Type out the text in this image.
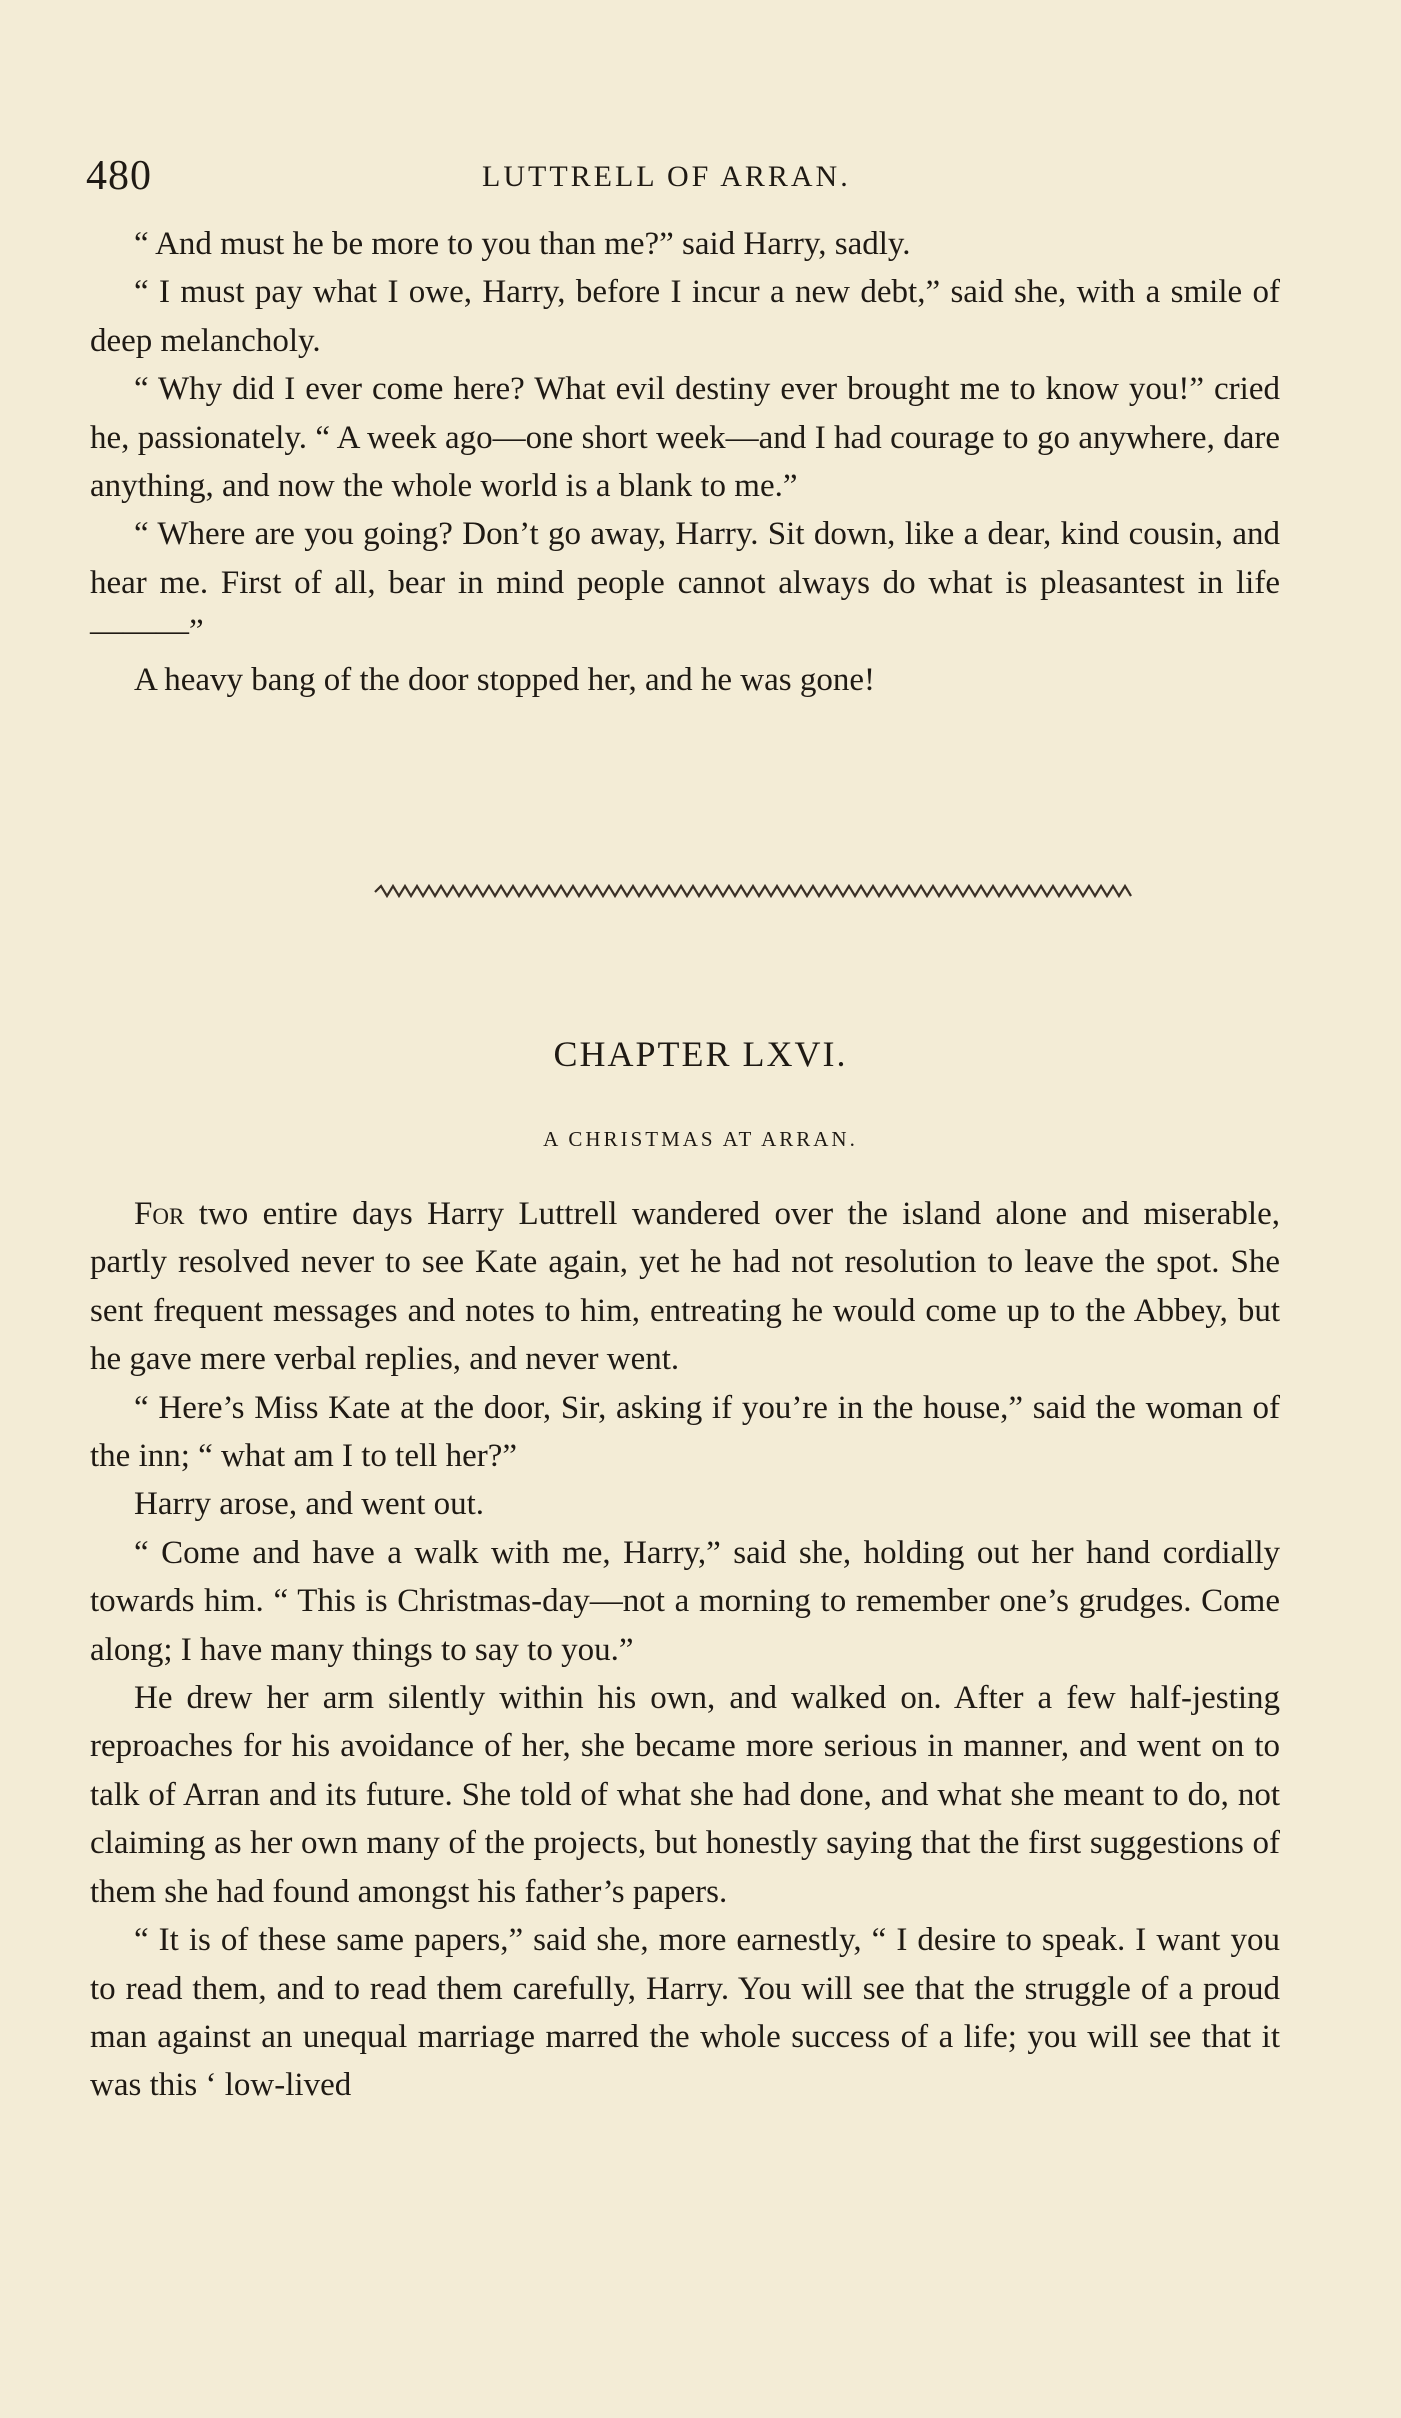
480	LUTTRELL OF ARRAN.

“ And must he be more to you than me?” said Harry, sadly.

“ I must pay what I owe, Harry, before I incur a new debt,” said she, with a smile of deep melancholy.

“ Why did I ever come here? What evil destiny ever brought me to know you!” cried he, passionately. “ A week ago—one short week—and I had courage to go anywhere, dare anything, and now the whole world is a blank to me.”

“ Where are you going? Don’t go away, Harry. Sit down, like a dear, kind cousin, and hear me. First of all, bear in mind people cannot always do what is pleasantest in life———”

A heavy bang of the door stopped her, and he was gone!

CHAPTER LXVI.
A CHRISTMAS AT ARRAN.

For two entire days Harry Luttrell wandered over the island alone and miserable, partly resolved never to see Kate again, yet he had not resolution to leave the spot. She sent frequent messages and notes to him, entreating he would come up to the Abbey, but he gave mere verbal replies, and never went.

“ Here’s Miss Kate at the door, Sir, asking if you’re in the house,” said the woman of the inn; “ what am I to tell her?”

Harry arose, and went out.

“ Come and have a walk with me, Harry,” said she, holding out her hand cordially towards him. “ This is Christmas-day—not a morning to remember one’s grudges. Come along; I have many things to say to you.”

He drew her arm silently within his own, and walked on. After a few half-jesting reproaches for his avoidance of her, she became more serious in manner, and went on to talk of Arran and its future. She told of what she had done, and what she meant to do, not claiming as her own many of the projects, but honestly saying that the first suggestions of them she had found amongst his father’s papers.

“ It is of these same papers,” said she, more earnestly, “ I desire to speak. I want you to read them, and to read them carefully, Harry. You will see that the struggle of a proud man against an unequal marriage marred the whole success of a life; you will see that it was this ‘ low-lived
